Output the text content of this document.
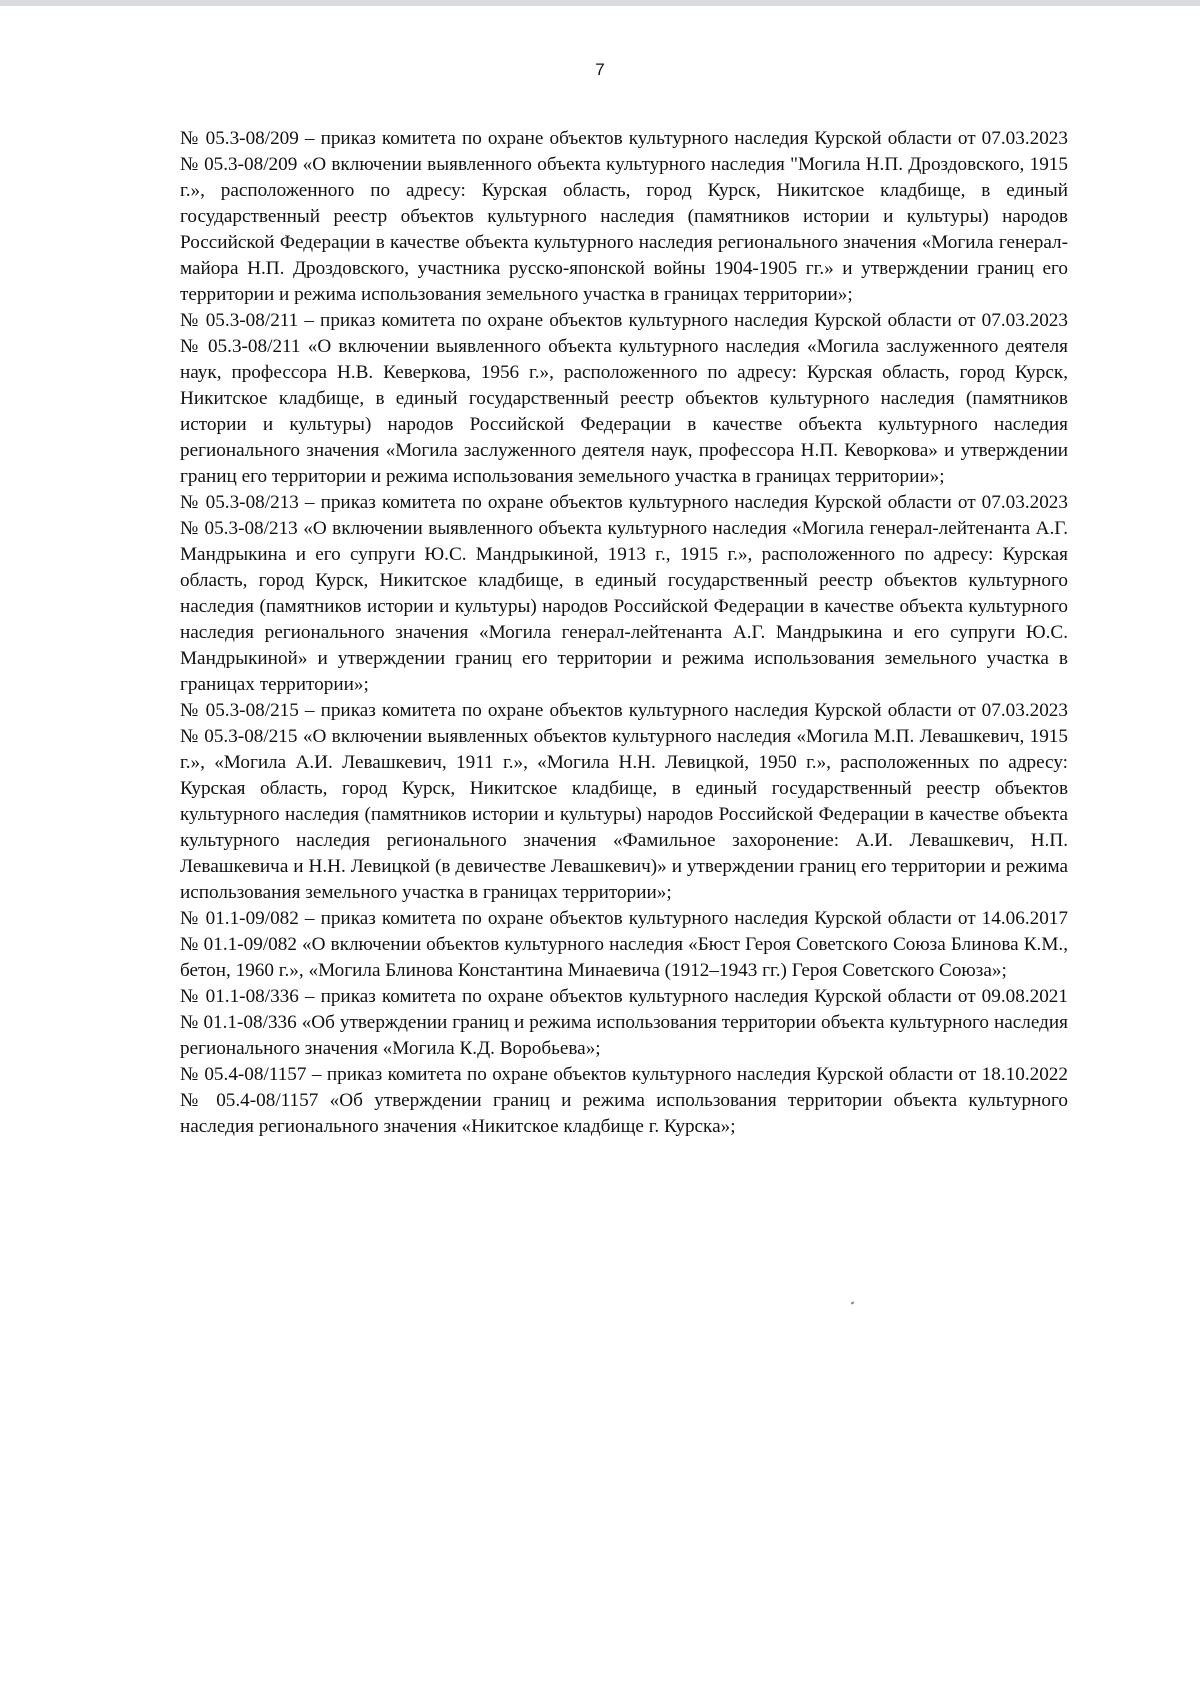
7

№ 05.3-08/209 – приказ комитета по охране объектов культурного наследия Курской области от 07.03.2023 № 05.3-08/209 «О включении выявленного объекта культурного наследия "Могила Н.П. Дроздовского, 1915 г.», расположенного по адресу: Курская область, город Курск, Никитское кладбище, в единый государственный реестр объектов культурного наследия (памятников истории и культуры) народов Российской Федерации в качестве объекта культурного наследия регионального значения «Могила генерал-майора Н.П. Дроздовского, участника русско-японской войны 1904-1905 гг.» и утверждении границ его территории и режима использования земельного участка в границах территории»;

№ 05.3-08/211 – приказ комитета по охране объектов культурного наследия Курской области от 07.03.2023 № 05.3-08/211 «О включении выявленного объекта культурного наследия «Могила заслуженного деятеля наук, профессора Н.В. Кеверкова, 1956 г.», расположенного по адресу: Курская область, город Курск, Никитское кладбище, в единый государственный реестр объектов культурного наследия (памятников истории и культуры) народов Российской Федерации в качестве объекта культурного наследия регионального значения «Могила заслуженного деятеля наук, профессора Н.П. Кеворкова» и утверждении границ его территории и режима использования земельного участка в границах территории»;

№ 05.3-08/213 – приказ комитета по охране объектов культурного наследия Курской области от 07.03.2023 № 05.3-08/213 «О включении выявленного объекта культурного наследия «Могила генерал-лейтенанта А.Г. Мандрыкина и его супруги Ю.С. Мандрыкиной, 1913 г., 1915 г.», расположенного по адресу: Курская область, город Курск, Никитское кладбище, в единый государственный реестр объектов культурного наследия (памятников истории и культуры) народов Российской Федерации в качестве объекта культурного наследия регионального значения «Могила генерал-лейтенанта А.Г. Мандрыкина и его супруги Ю.С. Мандрыкиной» и утверждении границ его территории и режима использования земельного участка в границах территории»;

№ 05.3-08/215 – приказ комитета по охране объектов культурного наследия Курской области от 07.03.2023 № 05.3-08/215 «О включении выявленных объектов культурного наследия «Могила М.П. Левашкевич, 1915 г.», «Могила А.И. Левашкевич, 1911 г.», «Могила Н.Н. Левицкой, 1950 г.», расположенных по адресу: Курская область, город Курск, Никитское кладбище, в единый государственный реестр объектов культурного наследия (памятников истории и культуры) народов Российской Федерации в качестве объекта культурного наследия регионального значения «Фамильное захоронение: А.И. Левашкевич, Н.П. Левашкевича и Н.Н. Левицкой (в девичестве Левашкевич)» и утверждении границ его территории и режима использования земельного участка в границах территории»;

№ 01.1-09/082 – приказ комитета по охране объектов культурного наследия Курской области от 14.06.2017 № 01.1-09/082 «О включении объектов культурного наследия «Бюст Героя Советского Союза Блинова К.М., бетон, 1960 г.», «Могила Блинова Константина Минаевича (1912–1943 гг.) Героя Советского Союза»;

№ 01.1-08/336 – приказ комитета по охране объектов культурного наследия Курской области от 09.08.2021 № 01.1-08/336 «Об утверждении границ и режима использования территории объекта культурного наследия регионального значения «Могила К.Д. Воробьева»;

№ 05.4-08/1157 – приказ комитета по охране объектов культурного наследия Курской области от 18.10.2022 № 05.4-08/1157 «Об утверждении границ и режима использования территории объекта культурного наследия регионального значения «Никитское кладбище г. Курска»;
